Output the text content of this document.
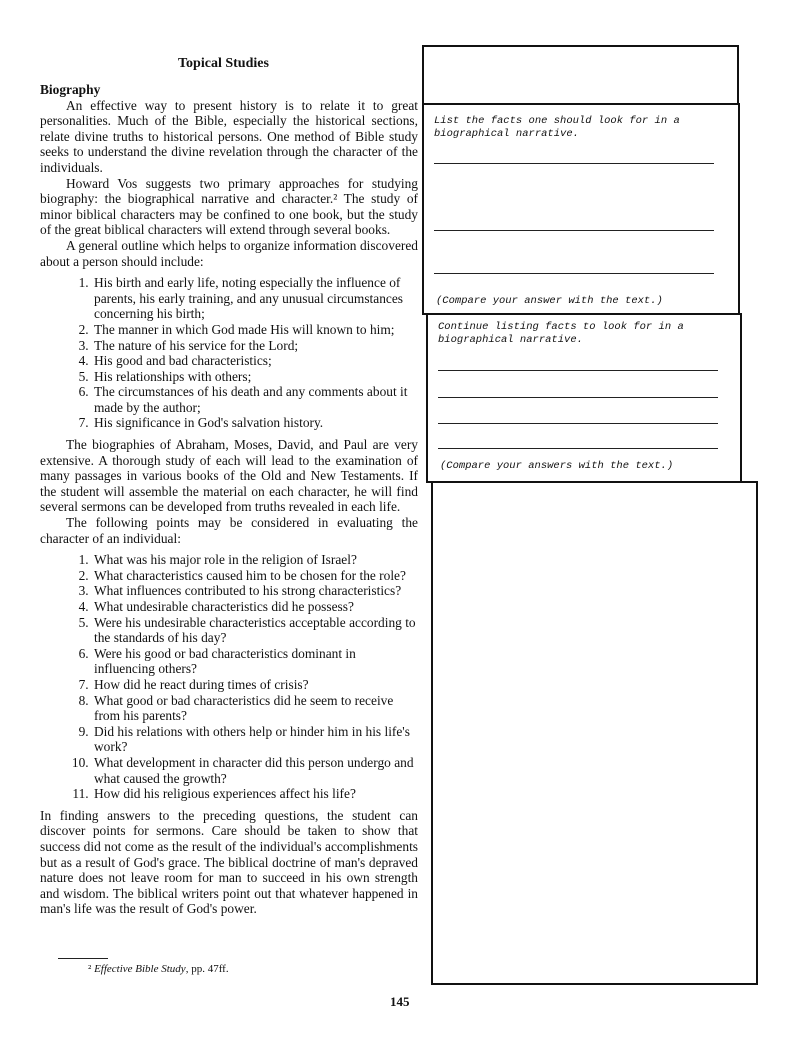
Topical Studies
Biography

An effective way to present history is to relate it to great personalities. Much of the Bible, especially the historical sections, relate divine truths to historical persons. One method of Bible study seeks to understand the divine revelation through the character of the individuals.

Howard Vos suggests two primary approaches for studying biography: the biographical narrative and character.² The study of minor biblical characters may be confined to one book, but the study of the great biblical characters will extend through several books.

A general outline which helps to organize information discovered about a person should include:

1. His birth and early life, noting especially the influence of parents, his early training, and any unusual circumstances concerning his birth;
2. The manner in which God made His will known to him;
3. The nature of his service for the Lord;
4. His good and bad characteristics;
5. His relationships with others;
6. The circumstances of his death and any comments about it made by the author;
7. His significance in God's salvation history.

The biographies of Abraham, Moses, David, and Paul are very extensive. A thorough study of each will lead to the examination of many passages in various books of the Old and New Testaments. If the student will assemble the material on each character, he will find several sermons can be developed from truths revealed in each life.

The following points may be considered in evaluating the character of an individual:

1. What was his major role in the religion of Israel?
2. What characteristics caused him to be chosen for the role?
3. What influences contributed to his strong characteristics?
4. What undesirable characteristics did he possess?
5. Were his undesirable characteristics acceptable according to the standards of his day?
6. Were his good or bad characteristics dominant in influencing others?
7. How did he react during times of crisis?
8. What good or bad characteristics did he seem to receive from his parents?
9. Did his relations with others help or hinder him in his life's work?
10. What development in character did this person undergo and what caused the growth?
11. How did his religious experiences affect his life?

In finding answers to the preceding questions, the student can discover points for sermons. Care should be taken to show that success did not come as the result of the individual's accomplishments but as a result of God's grace. The biblical doctrine of man's depraved nature does not leave room for man to succeed in his own strength and wisdom. The biblical writers point out that whatever happened in man's life was the result of God's power.

² Effective Bible Study, pp. 47ff.
145
List the facts one should look for in a biographical narrative.
(Compare your answer with the text.)
Continue listing facts to look for in a biographical narrative.
(Compare your answers with the text.)
